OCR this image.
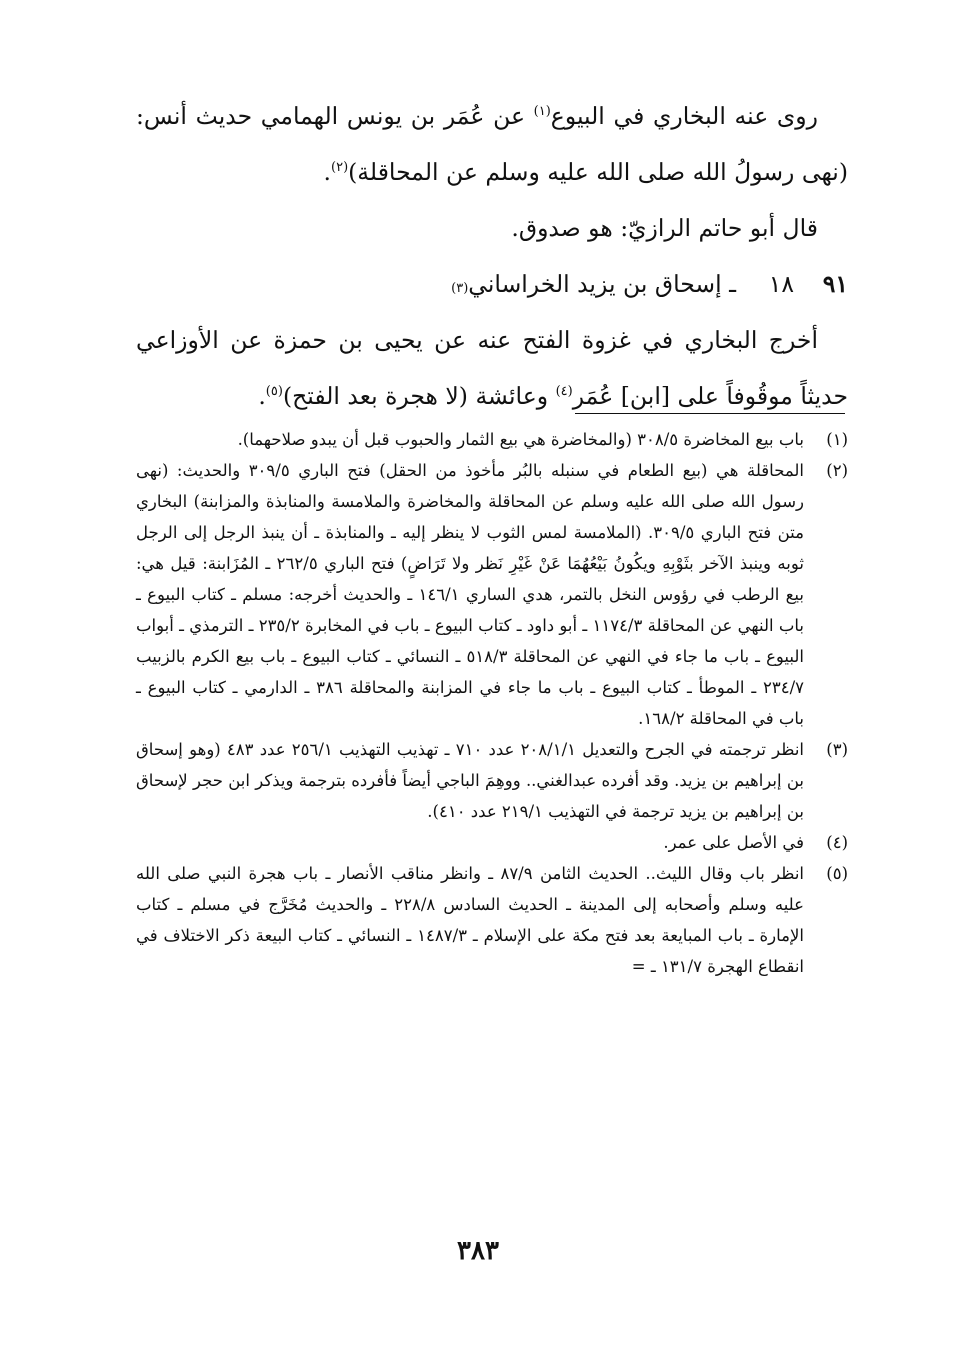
روى عنه البخاري في البيوع$^{(١)}$ عن عُمَر بن يونس الهمامي حديث أنس: (نهى رسولُ الله صلى الله عليه وسلم عن المحاقلة)$^{(٢)}$.

قال أبو حاتم الرازيّ: هو صدوق.

٩١
١٨
ـ إسحاق بن يزيد الخراساني
(٣)

أخرج البخاري في غزوة الفتح عنه عن يحيى بن حمزة عن الأوزاعي حديثاً موقُوفاً على [ابن] عُمَر$^{(٤)}$ وعائشة (لا هجرة بعد الفتح)$^{(٥)}$.

(١)
باب بيع المخاضرة ٣٠٨/٥ (والمخاضرة هي بيع الثمار والحبوب قبل أن يبدو صلاحهما).
(٢)
المحاقلة هي (بيع الطعام في سنبله بالبُر مأخوذ من الحقل) فتح الباري ٣٠٩/٥ والحديث: (نهى رسول الله صلى الله عليه وسلم عن المحاقلة والمخاضرة والملامسة والمنابذة والمزابنة) البخاري متن فتح الباري ٣٠٩/٥. (الملامسة لمس الثوب لا ينظر إليه ـ والمنابذة ـ أن ينبذ الرجل إلى الرجل ثوبه وينبذ الآخر بثَوْبِهِ ويكُونُ بَيْعُهُمَا عَنْ غَيْرِ نَظر ولا تَرَاضٍ) فتح الباري ٢٦٢/٥ ـ المُزَابنة: قيل هي: بيع الرطب في رؤوس النخل بالتمر، هدي الساري ١٤٦/١ ـ والحديث أخرجه: مسلم ـ كتاب البيوع ـ باب النهي عن المحاقلة ١١٧٤/٣ ـ أبو داود ـ كتاب البيوع ـ باب في المخابرة ٢٣٥/٢ ـ الترمذي ـ أبواب البيوع ـ باب ما جاء في النهي عن المحاقلة ٥١٨/٣ ـ النسائي ـ كتاب البيوع ـ باب بيع الكرم بالزبيب ٢٣٤/٧ ـ الموطأ ـ كتاب البيوع ـ باب ما جاء في المزابنة والمحاقلة ٣٨٦ ـ الدارمي ـ كتاب البيوع ـ باب في المحاقلة ١٦٨/٢.
(٣)
انظر ترجمته في الجرح والتعديل ٢٠٨/١/١ عدد ٧١٠ ـ تهذيب التهذيب ٢٥٦/١ عدد ٤٨٣ (وهو إسحاق بن إبراهيم بن يزيد. وقد أفرده عبدالغني.. ووهِمَ الباجي أيضاً فأفرده بترجمة ويذكر ابن حجر لإسحاق بن إبراهيم بن يزيد ترجمة في التهذيب ٢١٩/١ عدد ٤١٠).
(٤)
في الأصل على عمر.
(٥)
انظر باب وقال الليث.. الحديث الثامن ٨٧/٩ ـ وانظر مناقب الأنصار ـ باب هجرة النبي صلى الله عليه وسلم وأصحابه إلى المدينة ـ الحديث السادس ٢٢٨/٨ ـ والحديث مُخَرَّج في مسلم ـ كتاب الإمارة ـ باب المبايعة بعد فتح مكة على الإسلام ـ ١٤٨٧/٣ ـ النسائي ـ كتاب البيعة ذكر الاختلاف في انقطاع الهجرة ١٣١/٧ ـ =
٣٨٣
